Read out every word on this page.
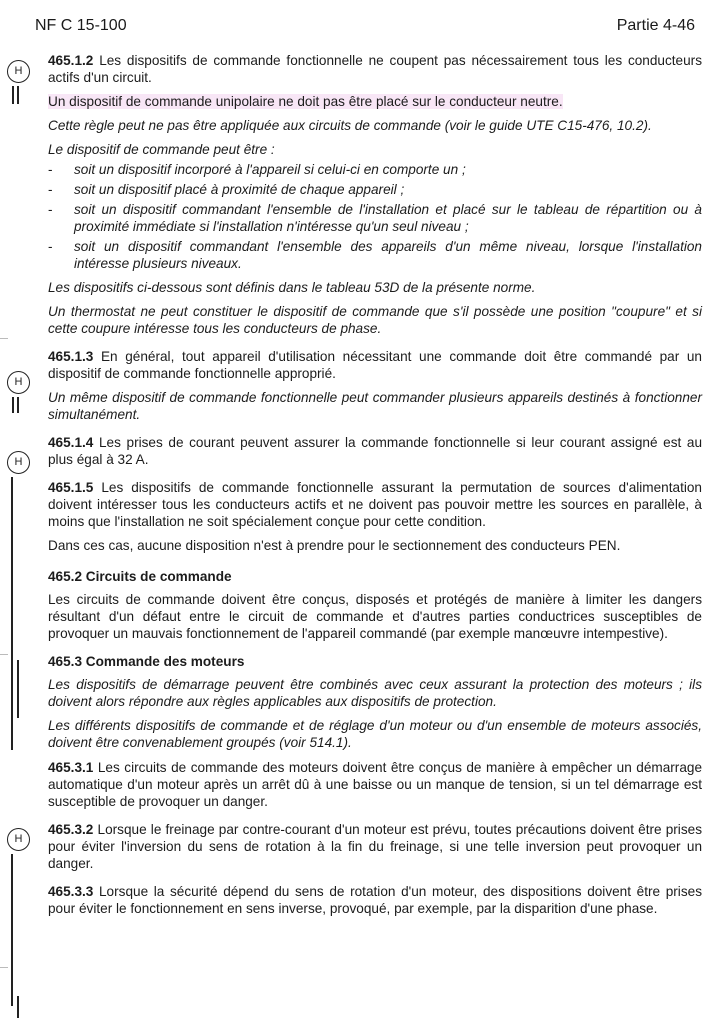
NF C 15-100	Partie 4-46
H
H
H
H

465.1.2 Les dispositifs de commande fonctionnelle ne coupent pas nécessairement tous les conducteurs actifs d'un circuit.

Un dispositif de commande unipolaire ne doit pas être placé sur le conducteur neutre.

Cette règle peut ne pas être appliquée aux circuits de commande (voir le guide UTE C15-476, 10.2).

Le dispositif de commande peut être :

- soit un dispositif incorporé à l'appareil si celui-ci en comporte un ;
- soit un dispositif placé à proximité de chaque appareil ;
- soit un dispositif commandant l'ensemble de l'installation et placé sur le tableau de répartition ou à proximité immédiate si l'installation n'intéresse qu'un seul niveau ;
- soit un dispositif commandant l'ensemble des appareils d'un même niveau, lorsque l'installation intéresse plusieurs niveaux.

Les dispositifs ci-dessous sont définis dans le tableau 53D de la présente norme.

Un thermostat ne peut constituer le dispositif de commande que s'il possède une position "coupure" et si cette coupure intéresse tous les conducteurs de phase.

465.1.3 En général, tout appareil d'utilisation nécessitant une commande doit être commandé par un dispositif de commande fonctionnelle approprié.

Un même dispositif de commande fonctionnelle peut commander plusieurs appareils destinés à fonctionner simultanément.

465.1.4 Les prises de courant peuvent assurer la commande fonctionnelle si leur courant assigné est au plus égal à 32 A.

465.1.5 Les dispositifs de commande fonctionnelle assurant la permutation de sources d'alimentation doivent intéresser tous les conducteurs actifs et ne doivent pas pouvoir mettre les sources en parallèle, à moins que l'installation ne soit spécialement conçue pour cette condition.

Dans ces cas, aucune disposition n'est à prendre pour le sectionnement des conducteurs PEN.

465.2 Circuits de commande

Les circuits de commande doivent être conçus, disposés et protégés de manière à limiter les dangers résultant d'un défaut entre le circuit de commande et d'autres parties conductrices susceptibles de provoquer un mauvais fonctionnement de l'appareil commandé (par exemple manœuvre intempestive).

465.3 Commande des moteurs

Les dispositifs de démarrage peuvent être combinés avec ceux assurant la protection des moteurs ; ils doivent alors répondre aux règles applicables aux dispositifs de protection.

Les différents dispositifs de commande et de réglage d'un moteur ou d'un ensemble de moteurs associés, doivent être convenablement groupés (voir 514.1).

465.3.1 Les circuits de commande des moteurs doivent être conçus de manière à empêcher un démarrage automatique d'un moteur après un arrêt dû à une baisse ou un manque de tension, si un tel démarrage est susceptible de provoquer un danger.

465.3.2 Lorsque le freinage par contre-courant d'un moteur est prévu, toutes précautions doivent être prises pour éviter l'inversion du sens de rotation à la fin du freinage, si une telle inversion peut provoquer un danger.

465.3.3 Lorsque la sécurité dépend du sens de rotation d'un moteur, des dispositions doivent être prises pour éviter le fonctionnement en sens inverse, provoqué, par exemple, par la disparition d'une phase.
